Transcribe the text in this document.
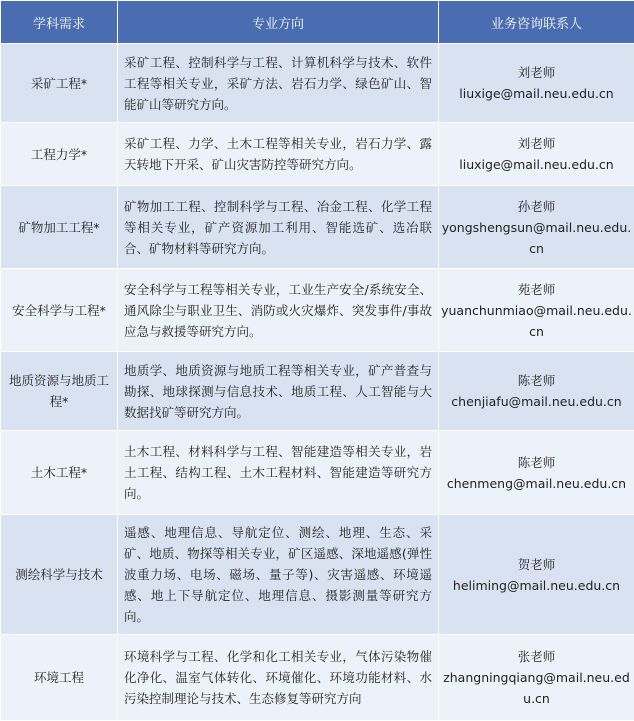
学科需求	专业方向	业务咨询联系人
采矿工程*	采矿工程、控制科学与工程、计算机科学与技术、软件工程等相关专业，采矿方法、岩石力学、绿色矿山、智能矿山等研究方向。	刘老师
liuxige@mail.neu.edu.cn

工程力学*	采矿工程、力学、土木工程等相关专业，岩石力学、露天转地下开采、矿山灾害防控等研究方向。	刘老师
liuxige@mail.neu.edu.cn

矿物加工工程*	矿物加工工程、控制科学与工程、冶金工程、化学工程等相关专业，矿产资源加工利用、智能选矿、选冶联合、矿物材料等研究方向。	孙老师
yongshengsun@mail.neu.edu.cn

安全科学与工程*	安全科学与工程等相关专业，工业生产安全/系统安全、通风除尘与职业卫生、消防或火灾爆炸、突发事件/事故应急与救援等研究方向。	苑老师
yuanchunmiao@mail.neu.edu.cn

地质资源与地质工程*	地质学、地质资源与地质工程等相关专业，矿产普查与勘探、地球探测与信息技术、地质工程、人工智能与大数据找矿等研究方向。	陈老师
chenjiafu@mail.neu.edu.cn

土木工程*	土木工程、材料科学与工程、智能建造等相关专业，岩土工程、结构工程、土木工程材料、智能建造等研究方向。	陈老师
chenmeng@mail.neu.edu.cn

测绘科学与技术	遥感、地理信息、导航定位、测绘、地理、生态、采矿、地质、物探等相关专业，矿区遥感、深地遥感(弹性波重力场、电场、磁场、量子等)、灾害遥感、环境遥感、地上下导航定位、地理信息、摄影测量等研究方向。	贺老师
heliming@mail.neu.edu.cn

环境工程	环境科学与工程、化学和化工相关专业，气体污染物催化净化、温室气体转化、环境催化、环境功能材料、水污染控制理论与技术、生态修复等研究方向	张老师
zhangningqiang@mail.neu.edu.cn
